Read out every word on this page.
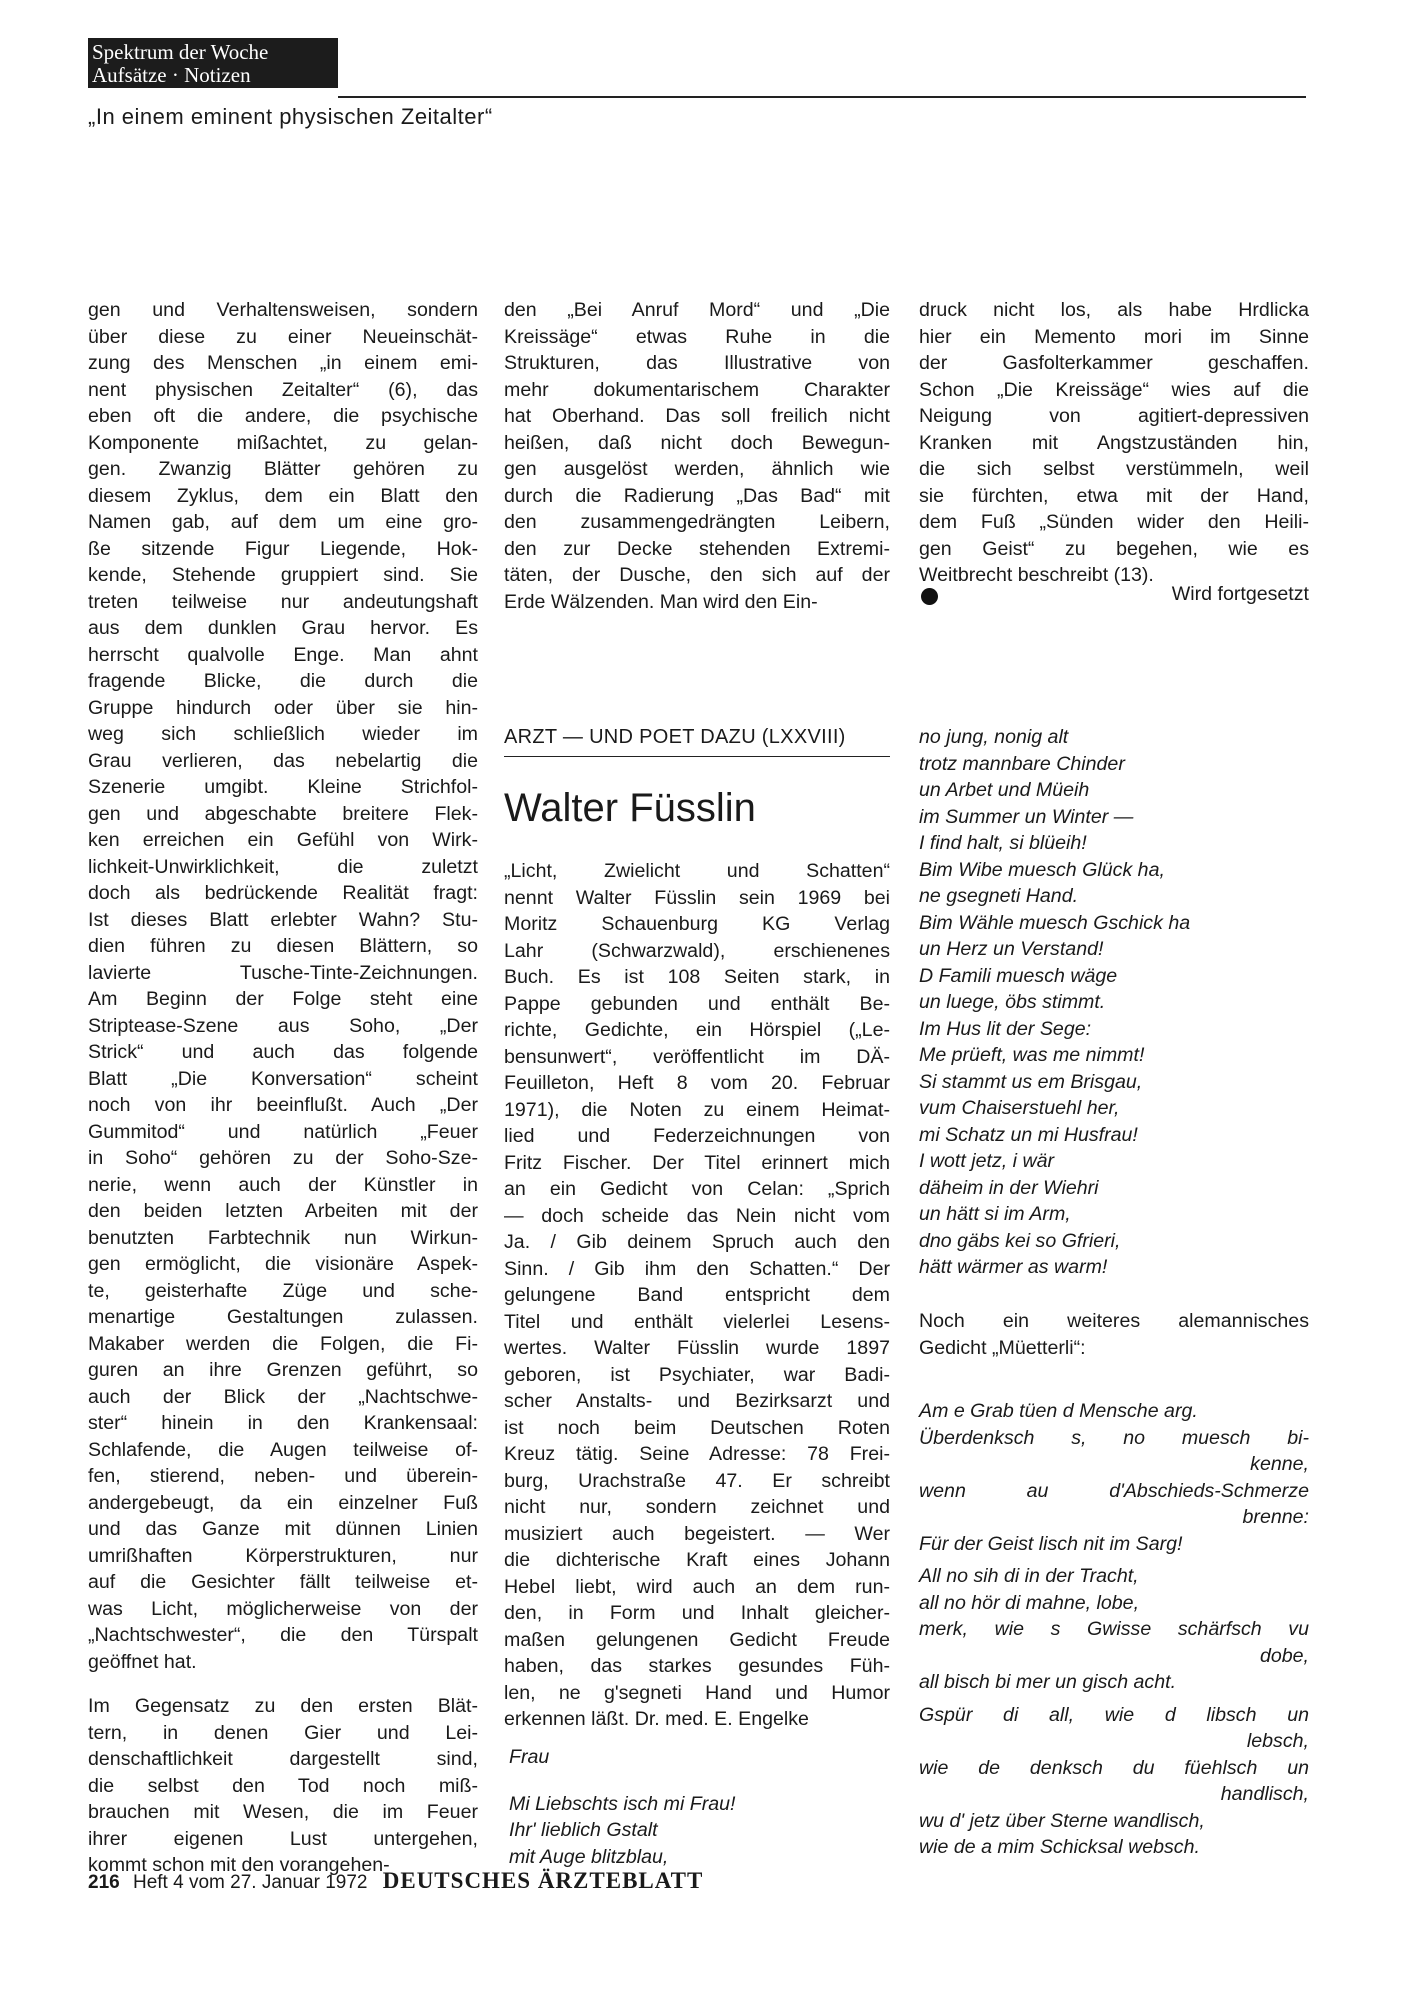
Spektrum der Woche
Aufsätze · Notizen
„In einem eminent physischen Zeitalter“

gen und Verhaltensweisen, sondern
über diese zu einer Neueinschät-
zung des Menschen „in einem emi-
nent physischen Zeitalter“ (6), das
eben oft die andere, die psychische
Komponente mißachtet, zu gelan-
gen. Zwanzig Blätter gehören zu
diesem Zyklus, dem ein Blatt den
Namen gab, auf dem um eine gro-
ße sitzende Figur Liegende, Hok-
kende, Stehende gruppiert sind. Sie
treten teilweise nur andeutungshaft
aus dem dunklen Grau hervor. Es
herrscht qualvolle Enge. Man ahnt
fragende Blicke, die durch die
Gruppe hindurch oder über sie hin-
weg sich schließlich wieder im
Grau verlieren, das nebelartig die
Szenerie umgibt. Kleine Strichfol-
gen und abgeschabte breitere Flek-
ken erreichen ein Gefühl von Wirk-
lichkeit-Unwirklichkeit, die zuletzt
doch als bedrückende Realität fragt:
Ist dieses Blatt erlebter Wahn? Stu-
dien führen zu diesen Blättern, so
lavierte Tusche-Tinte-Zeichnungen.
Am Beginn der Folge steht eine
Striptease-Szene aus Soho, „Der
Strick“ und auch das folgende
Blatt „Die Konversation“ scheint
noch von ihr beeinflußt. Auch „Der
Gummitod“ und natürlich „Feuer
in Soho“ gehören zu der Soho-Sze-
nerie, wenn auch der Künstler in
den beiden letzten Arbeiten mit der
benutzten Farbtechnik nun Wirkun-
gen ermöglicht, die visionäre Aspek-
te, geisterhafte Züge und sche-
menartige Gestaltungen zulassen.
Makaber werden die Folgen, die Fi-
guren an ihre Grenzen geführt, so
auch der Blick der „Nachtschwe-
ster“ hinein in den Krankensaal:
Schlafende, die Augen teilweise of-
fen, stierend, neben- und überein-
andergebeugt, da ein einzelner Fuß
und das Ganze mit dünnen Linien
umrißhaften Körperstrukturen, nur
auf die Gesichter fällt teilweise et-
was Licht, möglicherweise von der
„Nachtschwester“, die den Türspalt
geöffnet hat.

Im Gegensatz zu den ersten Blät-
tern, in denen Gier und Lei-
denschaftlichkeit dargestellt sind,
die selbst den Tod noch miß-
brauchen mit Wesen, die im Feuer
ihrer eigenen Lust untergehen,
kommt schon mit den vorangehen-

den „Bei Anruf Mord“ und „Die
Kreissäge“ etwas Ruhe in die
Strukturen, das Illustrative von
mehr dokumentarischem Charakter
hat Oberhand. Das soll freilich nicht
heißen, daß nicht doch Bewegun-
gen ausgelöst werden, ähnlich wie
durch die Radierung „Das Bad“ mit
den zusammengedrängten Leibern,
den zur Decke stehenden Extremi-
täten, der Dusche, den sich auf der
Erde Wälzenden. Man wird den Ein-

druck nicht los, als habe Hrdlicka
hier ein Memento mori im Sinne
der Gasfolterkammer geschaffen.
Schon „Die Kreissäge“ wies auf die
Neigung von agitiert-depressiven
Kranken mit Angstzuständen hin,
die sich selbst verstümmeln, weil
sie fürchten, etwa mit der Hand,
dem Fuß „Sünden wider den Heili-
gen Geist“ zu begehen, wie es
Weitbrecht beschreibt (13).

Wird fortgesetzt
ARZT — UND POET DAZU (LXXVIII)
Walter Füsslin

„Licht, Zwielicht und Schatten“
nennt Walter Füsslin sein 1969 bei
Moritz Schauenburg KG Verlag
Lahr (Schwarzwald), erschienenes
Buch. Es ist 108 Seiten stark, in
Pappe gebunden und enthält Be-
richte, Gedichte, ein Hörspiel („Le-
bensunwert“, veröffentlicht im DÄ-
Feuilleton, Heft 8 vom 20. Februar
1971), die Noten zu einem Heimat-
lied und Federzeichnungen von
Fritz Fischer. Der Titel erinnert mich
an ein Gedicht von Celan: „Sprich
— doch scheide das Nein nicht vom
Ja. / Gib deinem Spruch auch den
Sinn. / Gib ihm den Schatten.“ Der
gelungene Band entspricht dem
Titel und enthält vielerlei Lesens-
wertes. Walter Füsslin wurde 1897
geboren, ist Psychiater, war Badi-
scher Anstalts- und Bezirksarzt und
ist noch beim Deutschen Roten
Kreuz tätig. Seine Adresse: 78 Frei-
burg, Urachstraße 47. Er schreibt
nicht nur, sondern zeichnet und
musiziert auch begeistert. — Wer
die dichterische Kraft eines Johann
Hebel liebt, wird auch an dem run-
den, in Form und Inhalt gleicher-
maßen gelungenen Gedicht Freude
haben, das starkes gesundes Füh-
len, ne g'segneti Hand und Humor
erkennen läßt. Dr. med. E. Engelke

Frau
Mi Liebschts isch mi Frau!
Ihr' lieblich Gstalt
mit Auge blitzblau,
no jung, nonig alt
trotz mannbare Chinder
un Arbet und Müeih
im Summer un Winter —
I find halt, si blüeih!
Bim Wibe muesch Glück ha,
ne gsegneti Hand.
Bim Wähle muesch Gschick ha
un Herz un Verstand!
D Famili muesch wäge
un luege, öbs stimmt.
Im Hus lit der Sege:
Me prüeft, was me nimmt!
Si stammt us em Brisgau,
vum Chaiserstuehl her,
mi Schatz un mi Husfrau!
I wott jetz, i wär
däheim in der Wiehri
un hätt si im Arm,
dno gäbs kei so Gfrieri,
hätt wärmer as warm!

Noch ein weiteres alemannisches
Gedicht „Müetterli“:

Am e Grab tüen d Mensche arg.
Überdenksch s, no muesch bi-
kenne,
wenn au d'Abschieds-Schmerze
brenne:
Für der Geist lisch nit im Sarg!
All no sih di in der Tracht,
all no hör di mahne, lobe,
merk, wie s Gwisse schärfsch vu
dobe,
all bisch bi mer un gisch acht.
Gspür di all, wie d libsch un
lebsch,
wie de denksch du füehlsch un
handlisch,
wu d' jetz über Sterne wandlisch,
wie de a mim Schicksal websch.
216 Heft 4 vom 27. Januar 1972 DEUTSCHES ÄRZTEBLATT
